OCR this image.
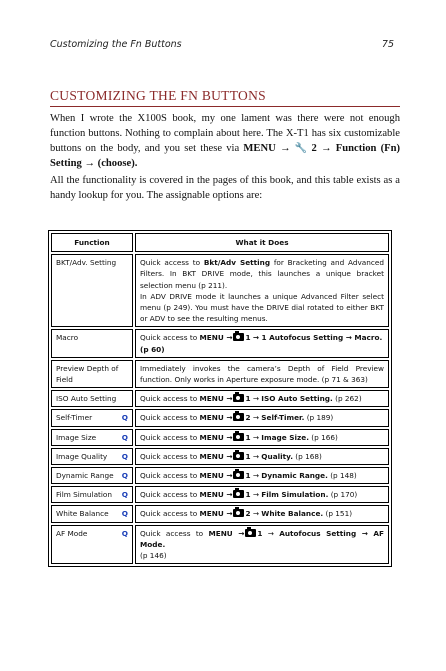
Customizing the Fn Buttons	75
CUSTOMIZING THE FN BUTTONS
When I wrote the X100S book, my one lament was there were not enough function buttons. Nothing to complain about here. The X-T1 has six customizable buttons on the body, and you set these via MENU → 🔧 2 → Function (Fn) Setting → (choose).
All the functionality is covered in the pages of this book, and this table exists as a handy lookup for you. The assignable options are:
Function	What it Does
BKT/Adv. Setting	Quick access to Bkt/Adv Setting for Bracketing and Advanced Filters. In BKT DRIVE mode, this launches a unique bracket selection menu (p 211).
In ADV DRIVE mode it launches a unique Advanced Filter select menu (p 249). You must have the DRIVE dial rotated to either BKT or ADV to see the resulting menus.
Macro	Quick access to MENU → 1 → 1 Autofocus Setting → Macro.
(p 60)
Preview Depth of Field	Immediately invokes the camera’s Depth of Field Preview function. Only works in Aperture exposure mode. (p 71 & 363)
ISO Auto Setting	Quick access to MENU → 1 → ISO Auto Setting. (p 262)
Self-Timer Q	Quick access to MENU → 2 → Self-Timer. (p 189)
Image Size Q	Quick access to MENU → 1 → Image Size. (p 166)
Image Quality Q	Quick access to MENU → 1 → Quality. (p 168)
Dynamic Range Q	Quick access to MENU → 1 → Dynamic Range. (p 148)
Film Simulation Q	Quick access to MENU → 1 → Film Simulation. (p 170)
White Balance Q	Quick access to MENU → 2 → White Balance. (p 151)
AF Mode Q	Quick access to MENU → 1 → Autofocus Setting → AF Mode.
(p 146)
